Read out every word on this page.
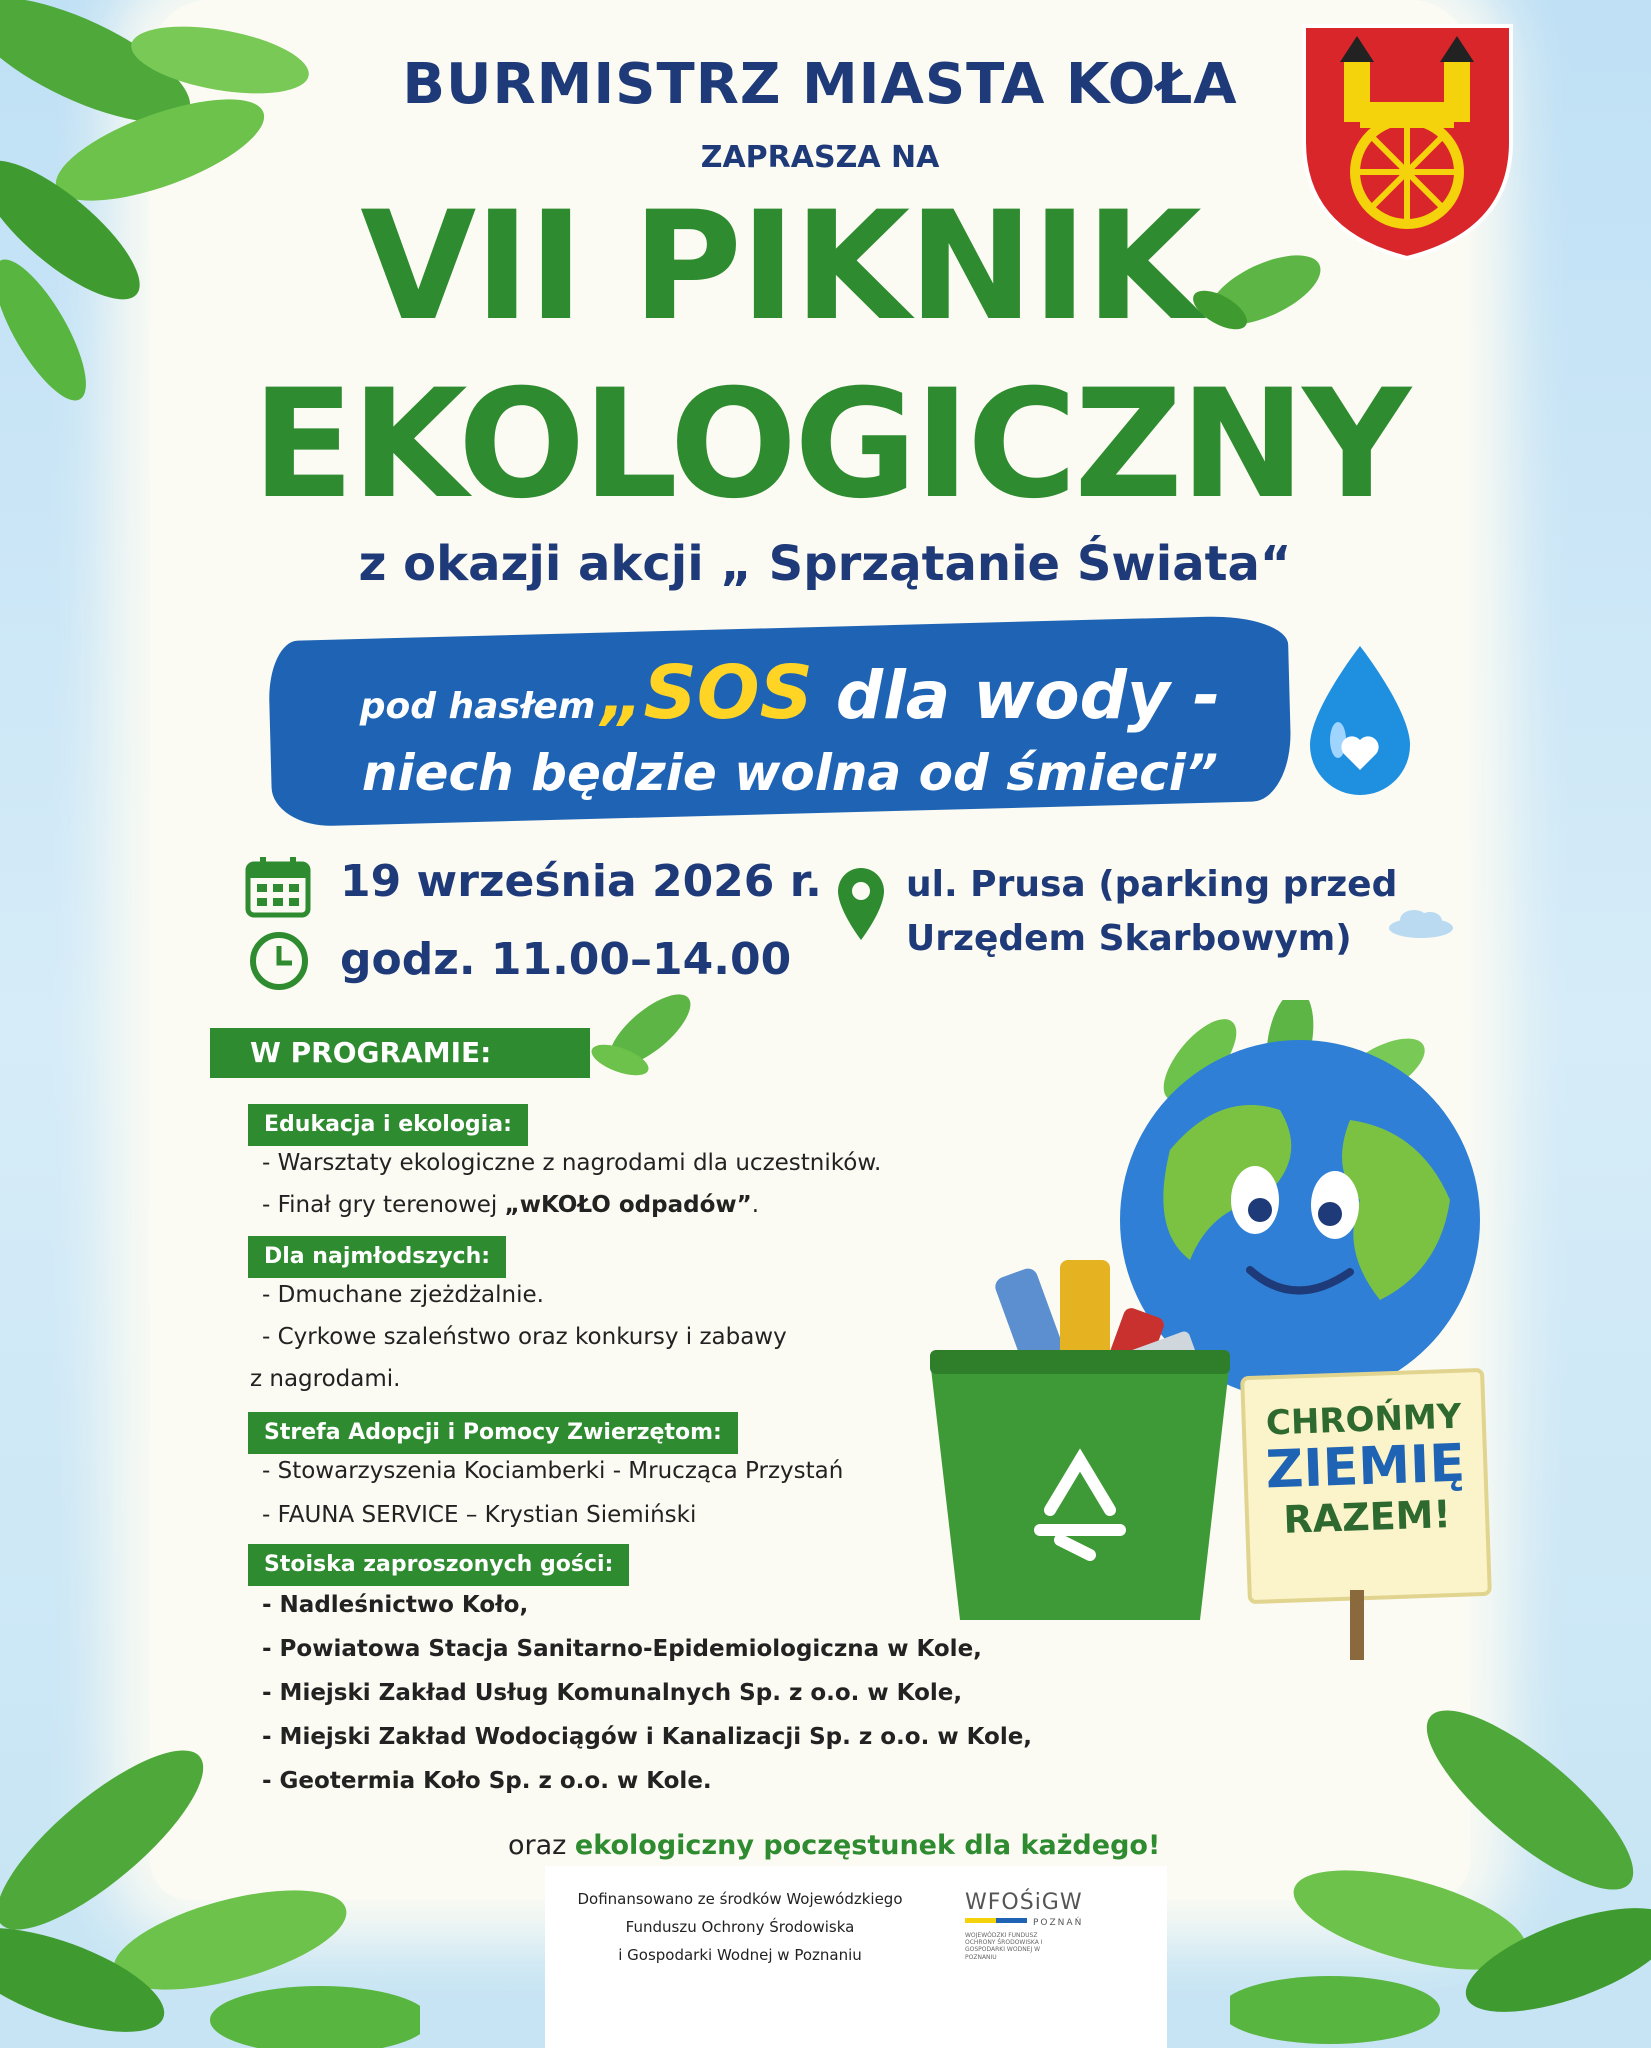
BURMISTRZ MIASTA KOŁA
ZAPRASZA NA
VII PIKNIK
EKOLOGICZNY
z okazji akcji „ Sprzątanie Świata“
pod hasłem „SOS dla wody -
niech będzie wolna od śmieci”
19 września 2026 r.
godz. 11.00–14.00
ul. Prusa (parking przed
Urzędem Skarbowym)
W PROGRAMIE:
Edukacja i ekologia:
- Warsztaty ekologiczne z nagrodami dla uczestników.
- Finał gry terenowej „wKOŁO odpadów”.
Dla najmłodszych:
- Dmuchane zjeżdżalnie.
- Cyrkowe szaleństwo oraz konkursy i zabawy
z nagrodami.
Strefa Adopcji i Pomocy Zwierzętom:
- Stowarzyszenia Kociamberki - Mrucząca Przystań
- FAUNA SERVICE – Krystian Siemiński
Stoiska zaproszonych gości:
- Nadleśnictwo Koło,
- Powiatowa Stacja Sanitarno-Epidemiologiczna w Kole,
- Miejski Zakład Usług Komunalnych Sp. z o.o. w Kole,
- Miejski Zakład Wodociągów i Kanalizacji Sp. z o.o. w Kole,
- Geotermia Koło Sp. z o.o. w Kole.
CHROŃMY
ZIEMIĘ
RAZEM!
oraz ekologiczny poczęstunek dla każdego!
Dofinansowano ze środków Wojewódzkiego
Funduszu Ochrony Środowiska
i Gospodarki Wodnej w Poznaniu
WFOŚiGW
POZNAŃ
WOJEWÓDZKI FUNDUSZ OCHRONY ŚRODOWISKA I GOSPODARKI WODNEJ W POZNANIU
